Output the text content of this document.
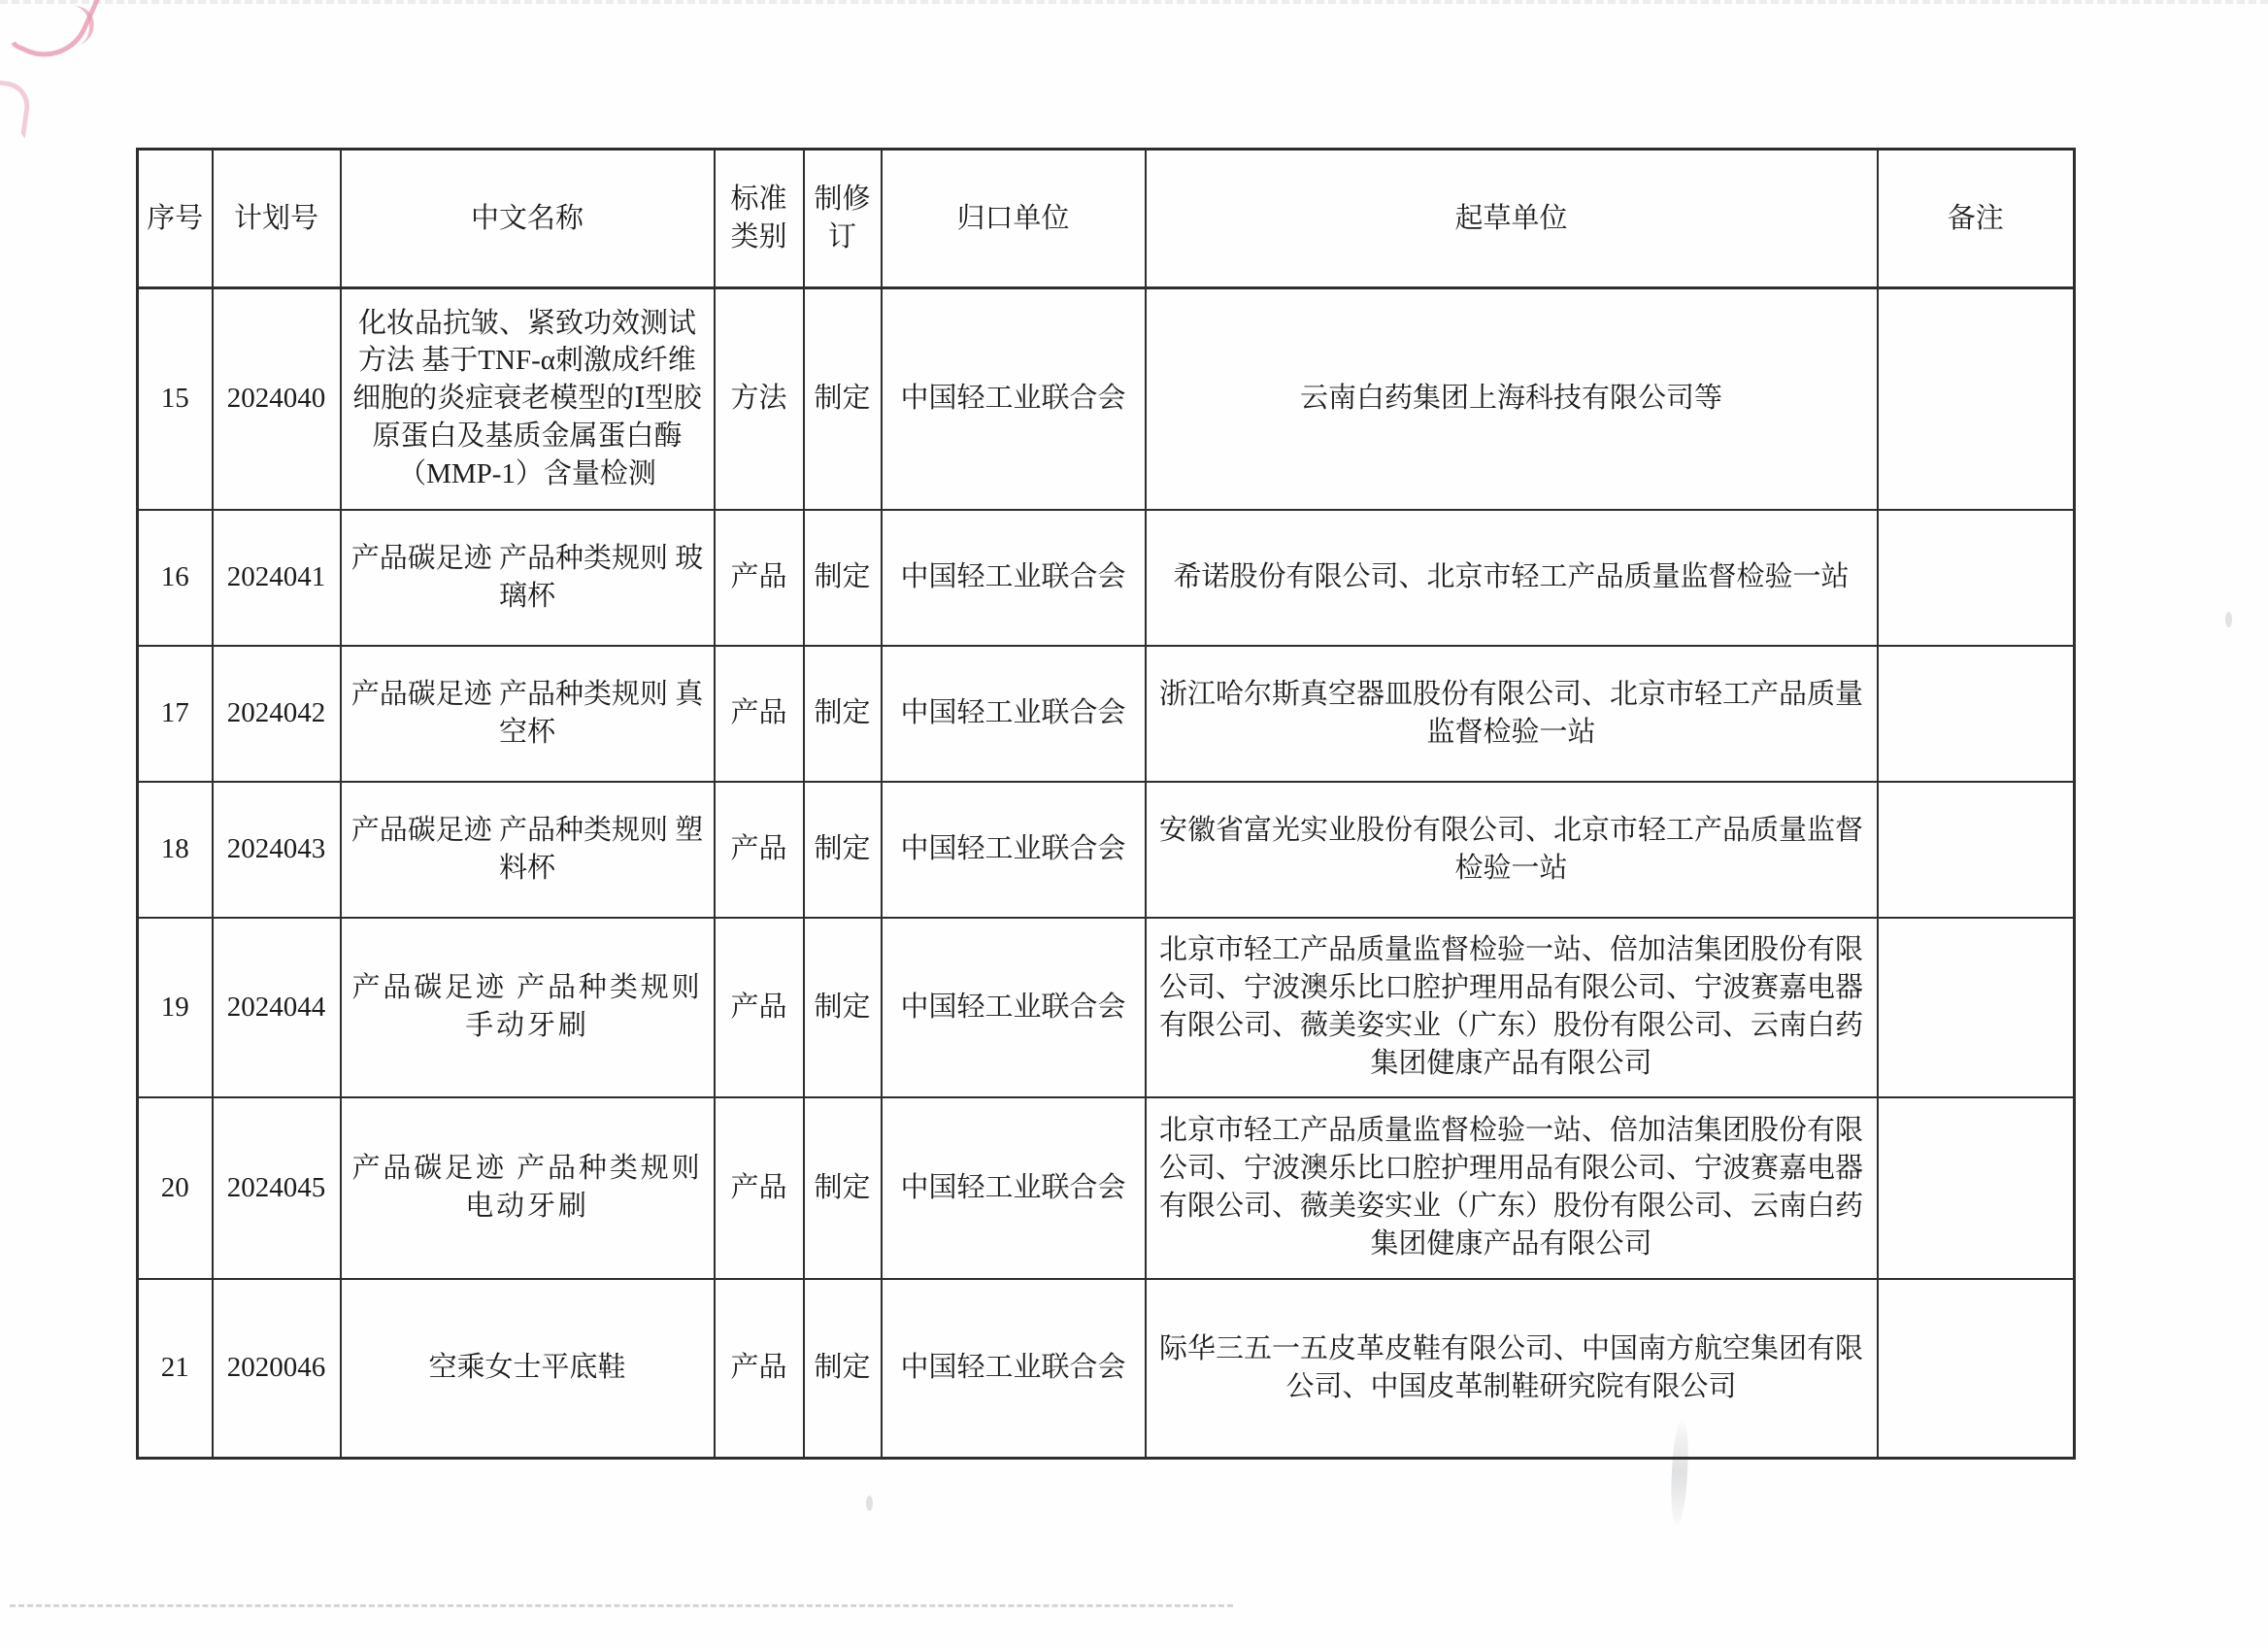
序号	计划号	中文名称	标准类别	制修订	归口单位	起草单位	备注
15	2024040	化妆品抗皱、紧致功效测试方法 基于TNF-α刺激成纤维细胞的炎症衰老模型的Ⅰ型胶原蛋白及基质金属蛋白酶（MMP-1）含量检测	方法	制定	中国轻工业联合会	云南白药集团上海科技有限公司等	
16	2024041	产品碳足迹 产品种类规则 玻璃杯	产品	制定	中国轻工业联合会	希诺股份有限公司、北京市轻工产品质量监督检验一站	
17	2024042	产品碳足迹 产品种类规则 真空杯	产品	制定	中国轻工业联合会	浙江哈尔斯真空器皿股份有限公司、北京市轻工产品质量监督检验一站	
18	2024043	产品碳足迹 产品种类规则 塑料杯	产品	制定	中国轻工业联合会	安徽省富光实业股份有限公司、北京市轻工产品质量监督检验一站	
19	2024044	产品碳足迹 产品种类规则 手动牙刷	产品	制定	中国轻工业联合会	北京市轻工产品质量监督检验一站、倍加洁集团股份有限公司、宁波澳乐比口腔护理用品有限公司、宁波赛嘉电器有限公司、薇美姿实业（广东）股份有限公司、云南白药集团健康产品有限公司	
20	2024045	产品碳足迹 产品种类规则 电动牙刷	产品	制定	中国轻工业联合会	北京市轻工产品质量监督检验一站、倍加洁集团股份有限公司、宁波澳乐比口腔护理用品有限公司、宁波赛嘉电器有限公司、薇美姿实业（广东）股份有限公司、云南白药集团健康产品有限公司	
21	2020046	空乘女士平底鞋	产品	制定	中国轻工业联合会	际华三五一五皮革皮鞋有限公司、中国南方航空集团有限公司、中国皮革制鞋研究院有限公司	
